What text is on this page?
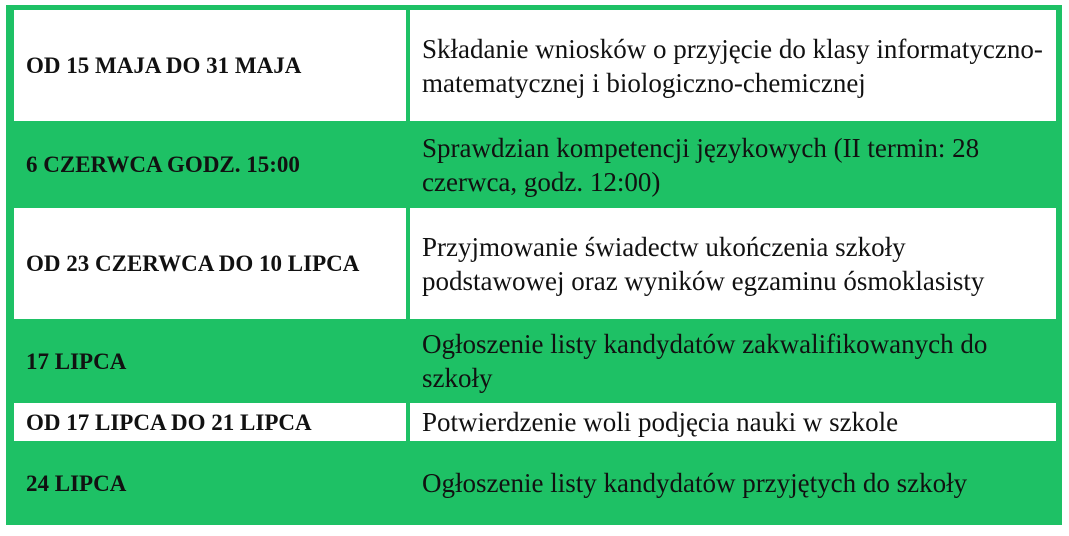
OD 15 MAJA DO 31 MAJA
Składanie wniosków o przyjęcie do klasy informatyczno-matematycznej i biologiczno-chemicznej
6 CZERWCA GODZ. 15:00
Sprawdzian kompetencji językowych (II termin: 28 czerwca, godz. 12:00)
OD 23 CZERWCA DO 10 LIPCA
Przyjmowanie świadectw ukończenia szkoły podstawowej oraz wyników egzaminu ósmoklasisty
17 LIPCA
Ogłoszenie listy kandydatów zakwalifikowanych do szkoły
OD 17 LIPCA DO 21 LIPCA	Potwierdzenie woli podjęcia nauki w szkole
24 LIPCA	Ogłoszenie listy kandydatów przyjętych do szkoły
